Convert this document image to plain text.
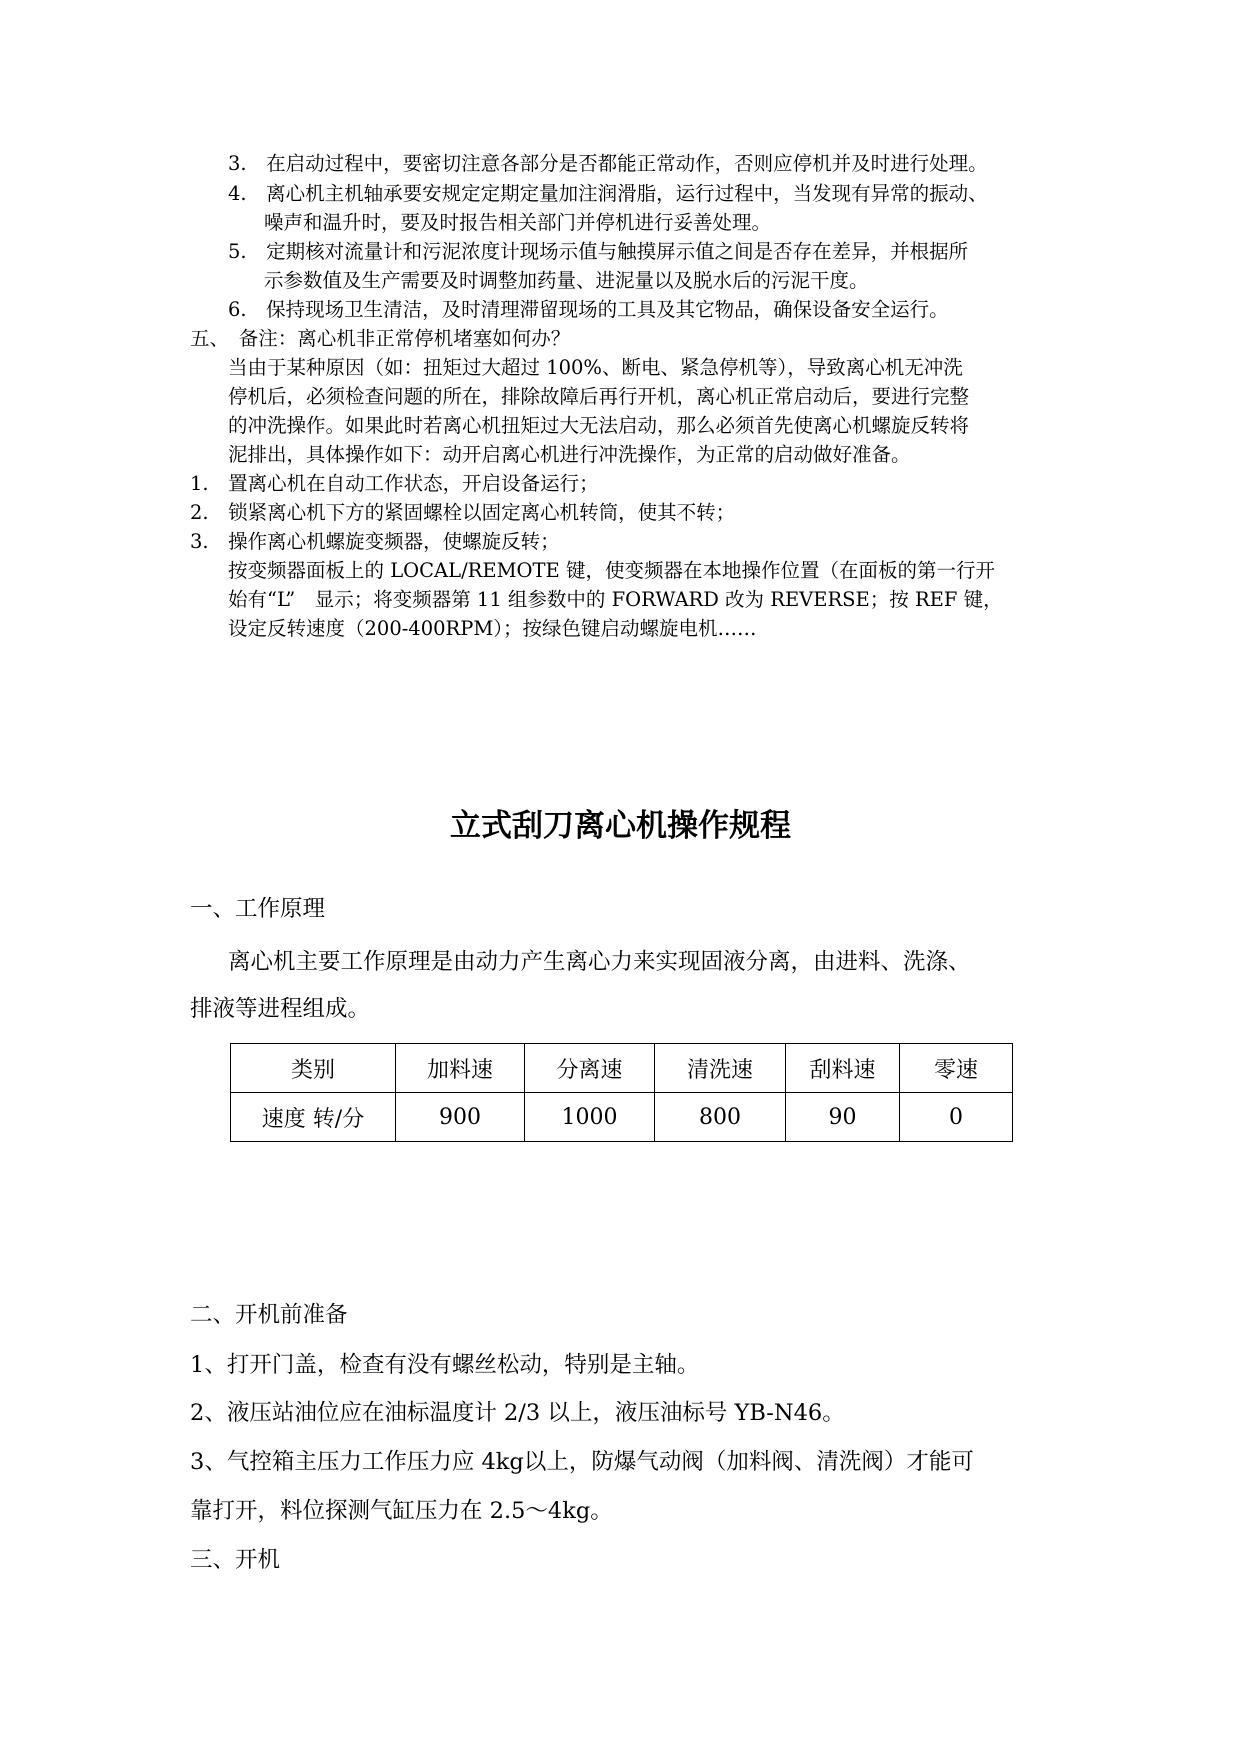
3.　在启动过程中，要密切注意各部分是否都能正常动作，否则应停机并及时进行处理。
4.　离心机主机轴承要安规定定期定量加注润滑脂，运行过程中，当发现有异常的振动、
噪声和温升时，要及时报告相关部门并停机进行妥善处理。
5.　定期核对流量计和污泥浓度计现场示值与触摸屏示值之间是否存在差异，并根据所
示参数值及生产需要及时调整加药量、进泥量以及脱水后的污泥干度。
6.　保持现场卫生清洁，及时清理滞留现场的工具及其它物品，确保设备安全运行。
五、　备注：离心机非正常停机堵塞如何办？
当由于某种原因（如：扭矩过大超过 100%、断电、紧急停机等），导致离心机无冲洗
停机后，必须检查问题的所在，排除故障后再行开机，离心机正常启动后，要进行完整
的冲洗操作。如果此时若离心机扭矩过大无法启动，那么必须首先使离心机螺旋反转将
泥排出，具体操作如下：动开启离心机进行冲洗操作，为正常的启动做好准备。
1.　置离心机在自动工作状态，开启设备运行；
2.　锁紧离心机下方的紧固螺栓以固定离心机转筒，使其不转；
3.　操作离心机螺旋变频器，使螺旋反转；
按变频器面板上的 LOCAL/REMOTE 键，使变频器在本地操作位置（在面板的第一行开
始有“L”　显示；将变频器第 11 组参数中的 FORWARD 改为 REVERSE；按 REF 键，
设定反转速度（200-400RPM）；按绿色键启动螺旋电机……
立式刮刀离心机操作规程
一、工作原理
离心机主要工作原理是由动力产生离心力来实现固液分离，由进料、洗涤、
排液等进程组成。
类别	加料速	分离速	清洗速	刮料速	零速
速度 转/分	900	1000	800	90	0
二、开机前准备
1、打开门盖，检查有没有螺丝松动，特别是主轴。
2、液压站油位应在油标温度计 2/3 以上，液压油标号 YB-N46。
3、气控箱主压力工作压力应 4kg以上，防爆气动阀（加料阀、清洗阀）才能可
靠打开，料位探测气缸压力在 2.5～4kg。
三、开机
